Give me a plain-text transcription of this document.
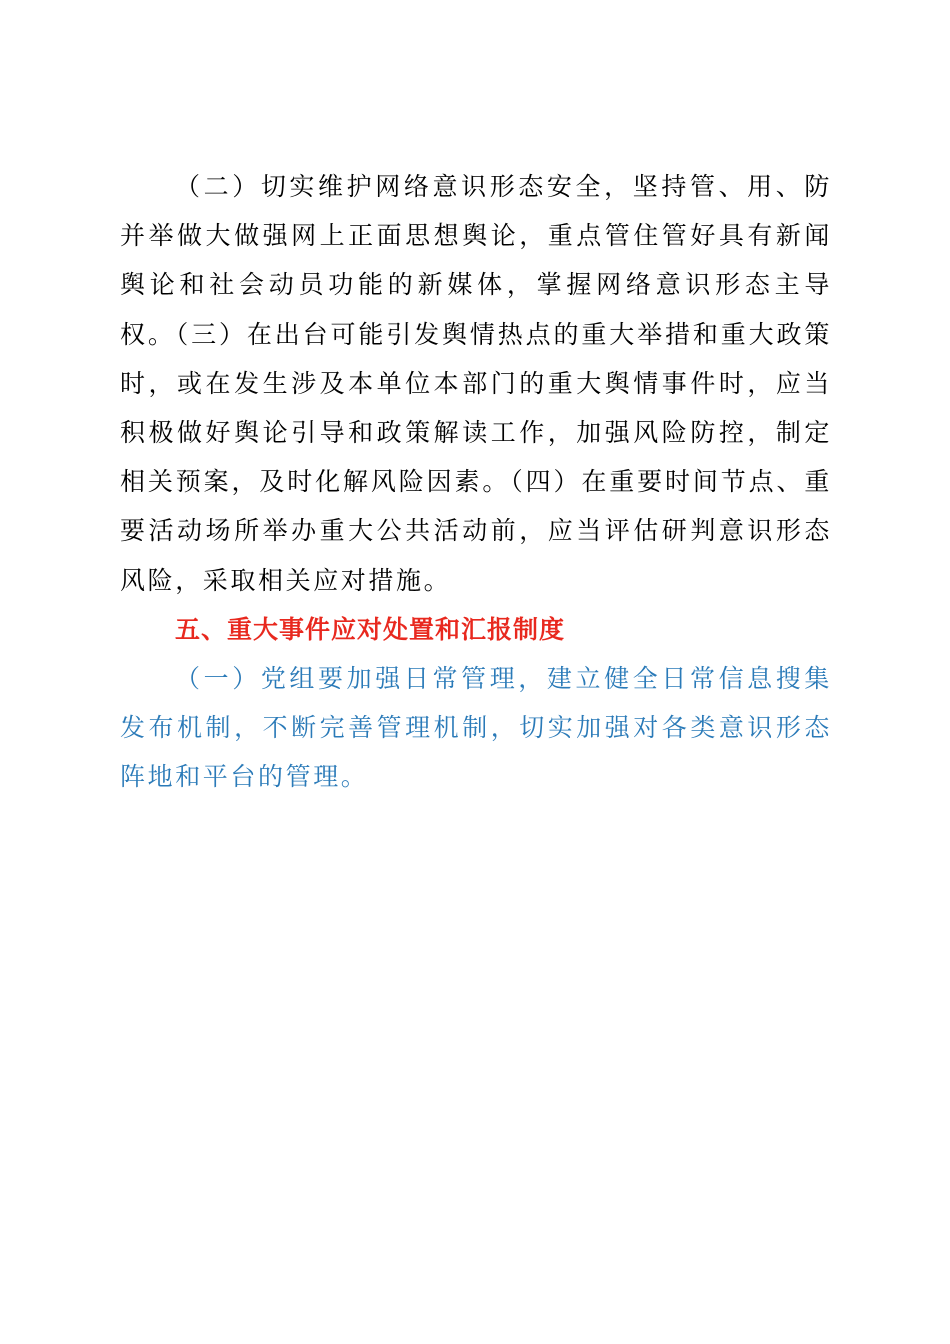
（二）切实维护网络意识形态安全，坚持管、用、防并举做大做强网上正面思想舆论，重点管住管好具有新闻舆论和社会动员功能的新媒体，掌握网络意识形态主导权。（三）在出台可能引发舆情热点的重大举措和重大政策时，或在发生涉及本单位本部门的重大舆情事件时，应当积极做好舆论引导和政策解读工作，加强风险防控，制定相关预案，及时化解风险因素。（四）在重要时间节点、重要活动场所举办重大公共活动前，应当评估研判意识形态风险，采取相关应对措施。

五、重大事件应对处置和汇报制度

（一）党组要加强日常管理，建立健全日常信息搜集发布机制，不断完善管理机制，切实加强对各类意识形态阵地和平台的管理。
